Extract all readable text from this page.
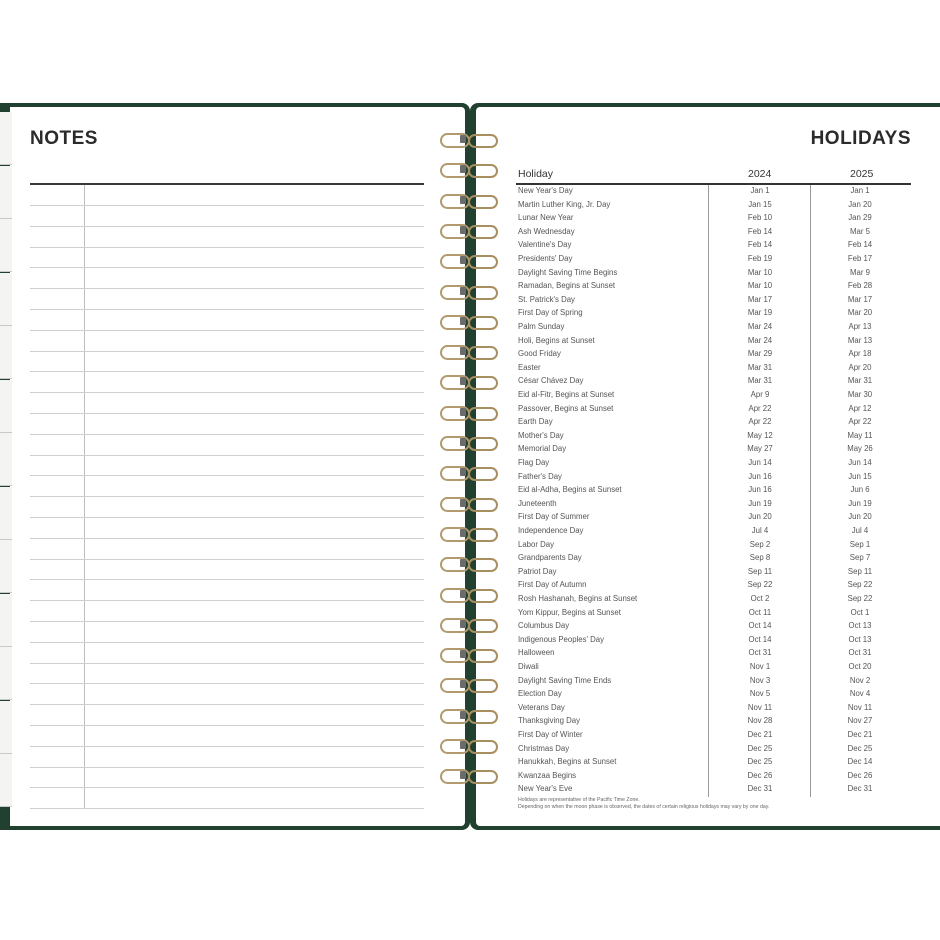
NOTES	HOLIDAYS
Holiday	2024	2025
New Year's Day	Jan 1	Jan 1
Martin Luther King, Jr. Day	Jan 15	Jan 20
Lunar New Year	Feb 10	Jan 29
Ash Wednesday	Feb 14	Mar 5
Valentine's Day	Feb 14	Feb 14
Presidents' Day	Feb 19	Feb 17
Daylight Saving Time Begins	Mar 10	Mar 9
Ramadan, Begins at Sunset	Mar 10	Feb 28
St. Patrick's Day	Mar 17	Mar 17
First Day of Spring	Mar 19	Mar 20
Palm Sunday	Mar 24	Apr 13
Holi, Begins at Sunset	Mar 24	Mar 13
Good Friday	Mar 29	Apr 18
Easter	Mar 31	Apr 20
César Chávez Day	Mar 31	Mar 31
Eid al-Fitr, Begins at Sunset	Apr 9	Mar 30
Passover, Begins at Sunset	Apr 22	Apr 12
Earth Day	Apr 22	Apr 22
Mother's Day	May 12	May 11
Memorial Day	May 27	May 26
Flag Day	Jun 14	Jun 14
Father's Day	Jun 16	Jun 15
Eid al-Adha, Begins at Sunset	Jun 16	Jun 6
Juneteenth	Jun 19	Jun 19
First Day of Summer	Jun 20	Jun 20
Independence Day	Jul 4	Jul 4
Labor Day	Sep 2	Sep 1
Grandparents Day	Sep 8	Sep 7
Patriot Day	Sep 11	Sep 11
First Day of Autumn	Sep 22	Sep 22
Rosh Hashanah, Begins at Sunset	Oct 2	Sep 22
Yom Kippur, Begins at Sunset	Oct 11	Oct 1
Columbus Day	Oct 14	Oct 13
Indigenous Peoples' Day	Oct 14	Oct 13
Halloween	Oct 31	Oct 31
Diwali	Nov 1	Oct 20
Daylight Saving Time Ends	Nov 3	Nov 2
Election Day	Nov 5	Nov 4
Veterans Day	Nov 11	Nov 11
Thanksgiving Day	Nov 28	Nov 27
First Day of Winter	Dec 21	Dec 21
Christmas Day	Dec 25	Dec 25
Hanukkah, Begins at Sunset	Dec 25	Dec 14
Kwanzaa Begins	Dec 26	Dec 26
New Year's Eve	Dec 31	Dec 31
Holidays are representative of the Pacific Time Zone.
Depending on when the moon phase is observed, the dates of certain religious holidays may vary by one day.
